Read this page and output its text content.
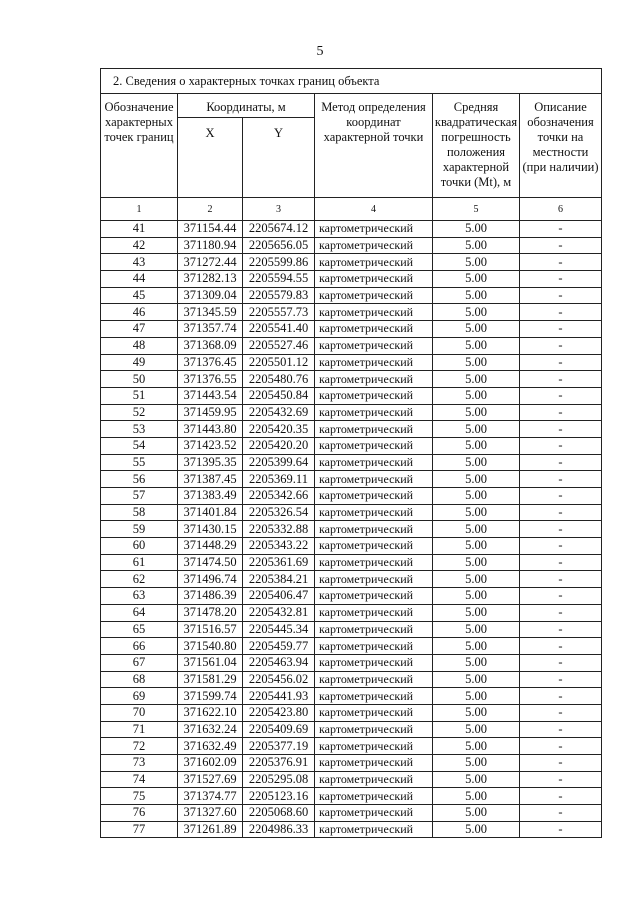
5
2. Сведения о характерных точках границ объекта					
Обозначение характерных точек границ	Координаты, м		Метод определения координат характерной точки	Средняя квадратическая погрешность положения характерной точки (Mt), м	Описание обозначения точки на местности (при наличии)
	X	Y			
1	2	3	4	5	6
41	371154.44	2205674.12	картометрический	5.00	-
42	371180.94	2205656.05	картометрический	5.00	-
43	371272.44	2205599.86	картометрический	5.00	-
44	371282.13	2205594.55	картометрический	5.00	-
45	371309.04	2205579.83	картометрический	5.00	-
46	371345.59	2205557.73	картометрический	5.00	-
47	371357.74	2205541.40	картометрический	5.00	-
48	371368.09	2205527.46	картометрический	5.00	-
49	371376.45	2205501.12	картометрический	5.00	-
50	371376.55	2205480.76	картометрический	5.00	-
51	371443.54	2205450.84	картометрический	5.00	-
52	371459.95	2205432.69	картометрический	5.00	-
53	371443.80	2205420.35	картометрический	5.00	-
54	371423.52	2205420.20	картометрический	5.00	-
55	371395.35	2205399.64	картометрический	5.00	-
56	371387.45	2205369.11	картометрический	5.00	-
57	371383.49	2205342.66	картометрический	5.00	-
58	371401.84	2205326.54	картометрический	5.00	-
59	371430.15	2205332.88	картометрический	5.00	-
60	371448.29	2205343.22	картометрический	5.00	-
61	371474.50	2205361.69	картометрический	5.00	-
62	371496.74	2205384.21	картометрический	5.00	-
63	371486.39	2205406.47	картометрический	5.00	-
64	371478.20	2205432.81	картометрический	5.00	-
65	371516.57	2205445.34	картометрический	5.00	-
66	371540.80	2205459.77	картометрический	5.00	-
67	371561.04	2205463.94	картометрический	5.00	-
68	371581.29	2205456.02	картометрический	5.00	-
69	371599.74	2205441.93	картометрический	5.00	-
70	371622.10	2205423.80	картометрический	5.00	-
71	371632.24	2205409.69	картометрический	5.00	-
72	371632.49	2205377.19	картометрический	5.00	-
73	371602.09	2205376.91	картометрический	5.00	-
74	371527.69	2205295.08	картометрический	5.00	-
75	371374.77	2205123.16	картометрический	5.00	-
76	371327.60	2205068.60	картометрический	5.00	-
77	371261.89	2204986.33	картометрический	5.00	-
